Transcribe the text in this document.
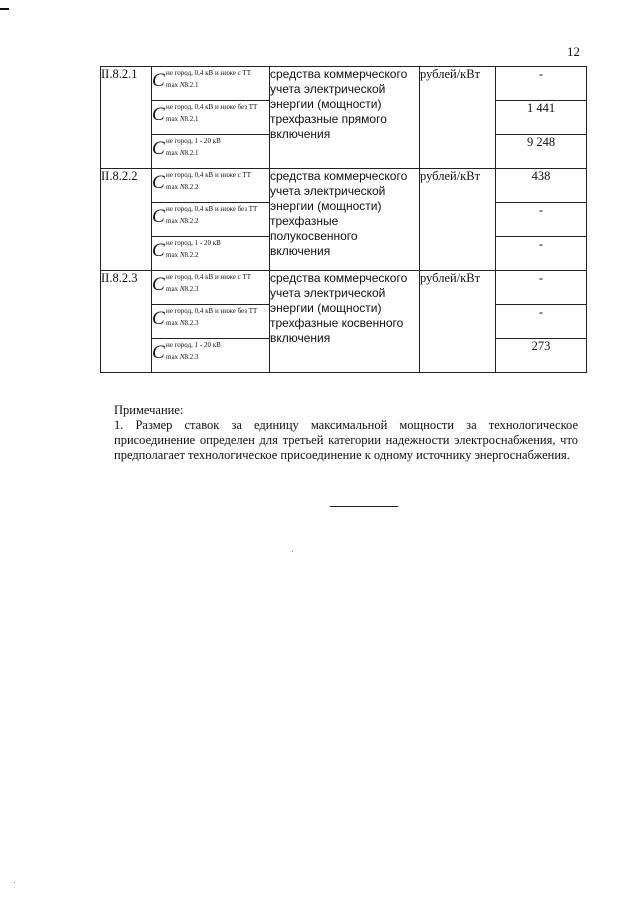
12
II.8.2.1	C не город, 0,4 кВ и ниже с ТТ
max N8.2.1	средства коммерческого учета электрической энергии (мощности) трехфазные прямого включения	рублей/кВт	-

	C не город, 0,4 кВ и ниже без ТТ
max N8.2.1			1 441

	C не город, 1 - 20 кВ
max N8.2.1			9 248
II.8.2.2	C не город, 0,4 кВ и ниже с ТТ
max N8.2.2	средства коммерческого учета электрической энергии (мощности) трехфазные полукосвенного включения	рублей/кВт	438

	C не город, 0,4 кВ и ниже без ТТ
max N8.2.2			-

	C не город, 1 - 20 кВ
max N8.2.2			-
II.8.2.3	C не город, 0,4 кВ и ниже с ТТ
max N8.2.3	средства коммерческого учета электрической энергии (мощности) трехфазные косвенного включения	рублей/кВт	-

	C не город, 0,4 кВ и ниже без ТТ
max N8.2.3			-

	C не город, 1 - 20 кВ
max N8.2.3			273

Примечание:

1. Размер ставок за единицу максимальной мощности за технологическое присоединение определен для третьей категории надежности электроснабжения, что предполагает технологическое присоединение к одному источнику энергоснабжения.
